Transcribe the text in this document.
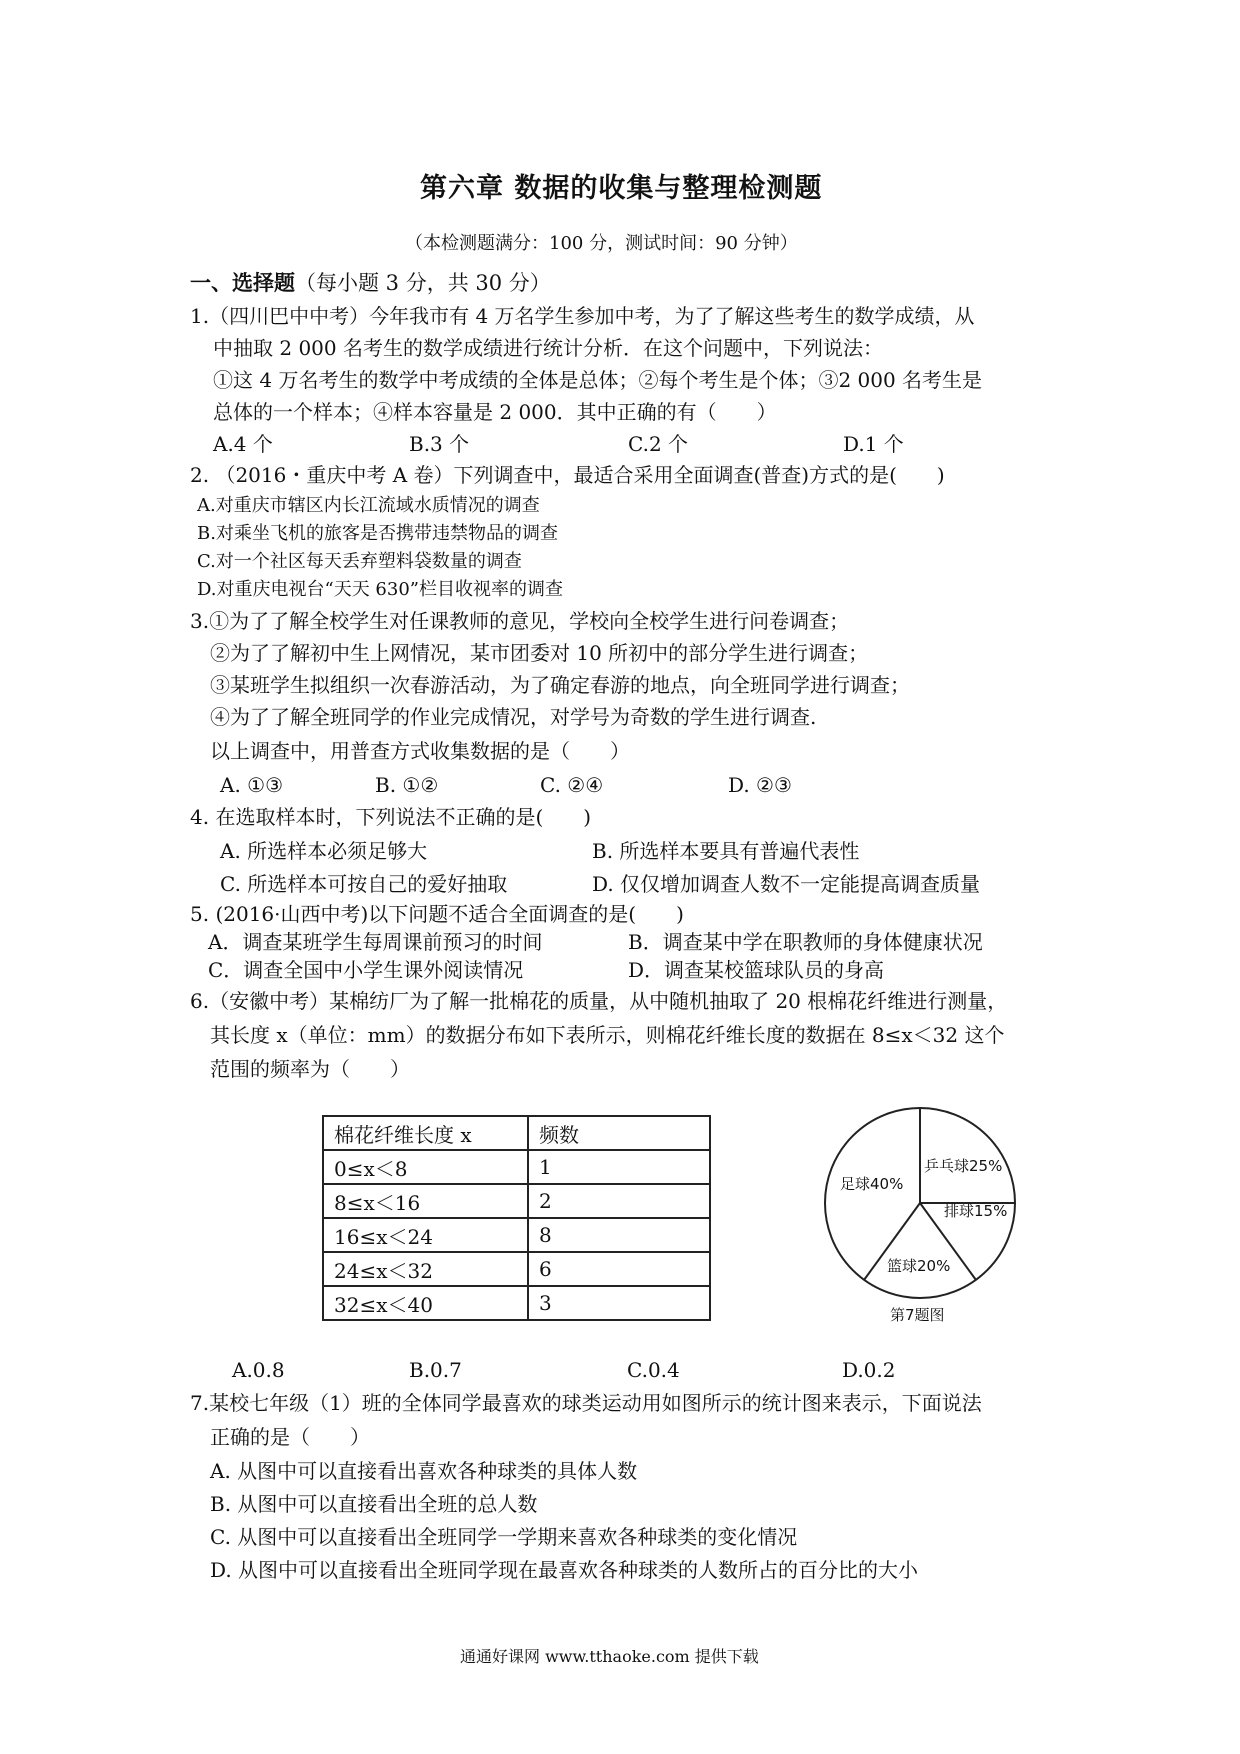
第六章 数据的收集与整理检测题
（本检测题满分：100 分，测试时间：90 分钟）
一、选择题（每小题 3 分，共 30 分）
1.（四川巴中中考）今年我市有 4 万名学生参加中考，为了了解这些考生的数学成绩，从
中抽取 2 000 名考生的数学成绩进行统计分析．在这个问题中，下列说法：
①这 4 万名考生的数学中考成绩的全体是总体；②每个考生是个体；③2 000 名考生是
总体的一个样本；④样本容量是 2 000．其中正确的有（　　）
A.4 个	B.3 个	C.2 个	D.1 个
2. （2016・重庆中考 A 卷）下列调查中，最适合采用全面调查(普查)方式的是(　　)
A.对重庆市辖区内长江流域水质情况的调查
B.对乘坐飞机的旅客是否携带违禁物品的调查
C.对一个社区每天丢弃塑料袋数量的调查
D.对重庆电视台“天天 630”栏目收视率的调查
3.①为了了解全校学生对任课教师的意见，学校向全校学生进行问卷调查；
②为了了解初中生上网情况，某市团委对 10 所初中的部分学生进行调查；
③某班学生拟组织一次春游活动，为了确定春游的地点，向全班同学进行调查；
④为了了解全班同学的作业完成情况，对学号为奇数的学生进行调查.
以上调查中，用普查方式收集数据的是（　　）
A. ①③	B. ①②	C. ②④	D. ②③
4. 在选取样本时，下列说法不正确的是(　　)
A. 所选样本必须足够大	B. 所选样本要具有普遍代表性
C. 所选样本可按自己的爱好抽取	D. 仅仅增加调查人数不一定能提高调查质量
5. (2016·山西中考)以下问题不适合全面调查的是(　　)
A．调查某班学生每周课前预习的时间	B．调查某中学在职教师的身体健康状况
C．调查全国中小学生课外阅读情况	D．调查某校篮球队员的身高
6.（安徽中考）某棉纺厂为了解一批棉花的质量，从中随机抽取了 20 根棉花纤维进行测量，
其长度 x（单位：mm）的数据分布如下表所示，则棉花纤维长度的数据在 8≤x＜32 这个
范围的频率为（　　）
棉花纤维长度 x	频数
0≤x＜8	1
8≤x＜16	2
16≤x＜24	8
24≤x＜32	6
32≤x＜40	3
足球40%
乒乓球25%
排球15%
篮球20%
第7题图
A.0.8	B.0.7	C.0.4	D.0.2
7.某校七年级（1）班的全体同学最喜欢的球类运动用如图所示的统计图来表示，下面说法
正确的是（　　）
A. 从图中可以直接看出喜欢各种球类的具体人数
B. 从图中可以直接看出全班的总人数
C. 从图中可以直接看出全班同学一学期来喜欢各种球类的变化情况
D. 从图中可以直接看出全班同学现在最喜欢各种球类的人数所占的百分比的大小
通通好课网 www.tthaoke.com 提供下载
